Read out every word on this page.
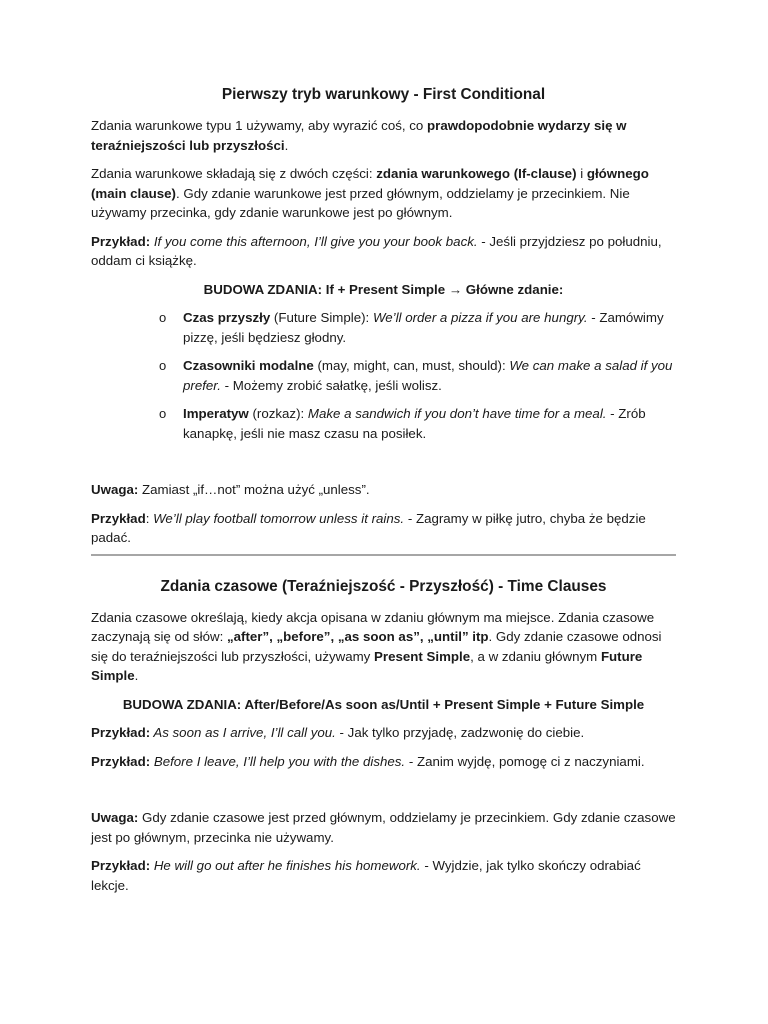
Pierwszy tryb warunkowy - First Conditional

Zdania warunkowe typu 1 używamy, aby wyrazić coś, co prawdopodobnie wydarzy się w teraźniejszości lub przyszłości.

Zdania warunkowe składają się z dwóch części: zdania warunkowego (If-clause) i głównego (main clause). Gdy zdanie warunkowe jest przed głównym, oddzielamy je przecinkiem. Nie używamy przecinka, gdy zdanie warunkowe jest po głównym.

Przykład: If you come this afternoon, I’ll give you your book back. - Jeśli przyjdziesz po południu, oddam ci książkę.

BUDOWA ZDANIA: If + Present Simple → Główne zdanie:

o Czas przyszły (Future Simple): We’ll order a pizza if you are hungry. - Zamówimy pizzę, jeśli będziesz głodny.
o Czasowniki modalne (may, might, can, must, should): We can make a salad if you prefer. - Możemy zrobić sałatkę, jeśli wolisz.
o Imperatyw (rozkaz): Make a sandwich if you don’t have time for a meal. - Zrób kanapkę, jeśli nie masz czasu na posiłek.

Uwaga: Zamiast „if…not” można użyć „unless”.

Przykład: We’ll play football tomorrow unless it rains. - Zagramy w piłkę jutro, chyba że będzie padać.

Zdania czasowe (Teraźniejszość - Przyszłość) - Time Clauses

Zdania czasowe określają, kiedy akcja opisana w zdaniu głównym ma miejsce. Zdania czasowe zaczynają się od słów: „after”, „before”, „as soon as”, „until” itp. Gdy zdanie czasowe odnosi się do teraźniejszości lub przyszłości, używamy Present Simple, a w zdaniu głównym Future Simple.

BUDOWA ZDANIA: After/Before/As soon as/Until + Present Simple + Future Simple

Przykład: As soon as I arrive, I’ll call you. - Jak tylko przyjadę, zadzwonię do ciebie.

Przykład: Before I leave, I’ll help you with the dishes. - Zanim wyjdę, pomogę ci z naczyniami.

Uwaga: Gdy zdanie czasowe jest przed głównym, oddzielamy je przecinkiem. Gdy zdanie czasowe jest po głównym, przecinka nie używamy.

Przykład: He will go out after he finishes his homework. - Wyjdzie, jak tylko skończy odrabiać lekcje.
